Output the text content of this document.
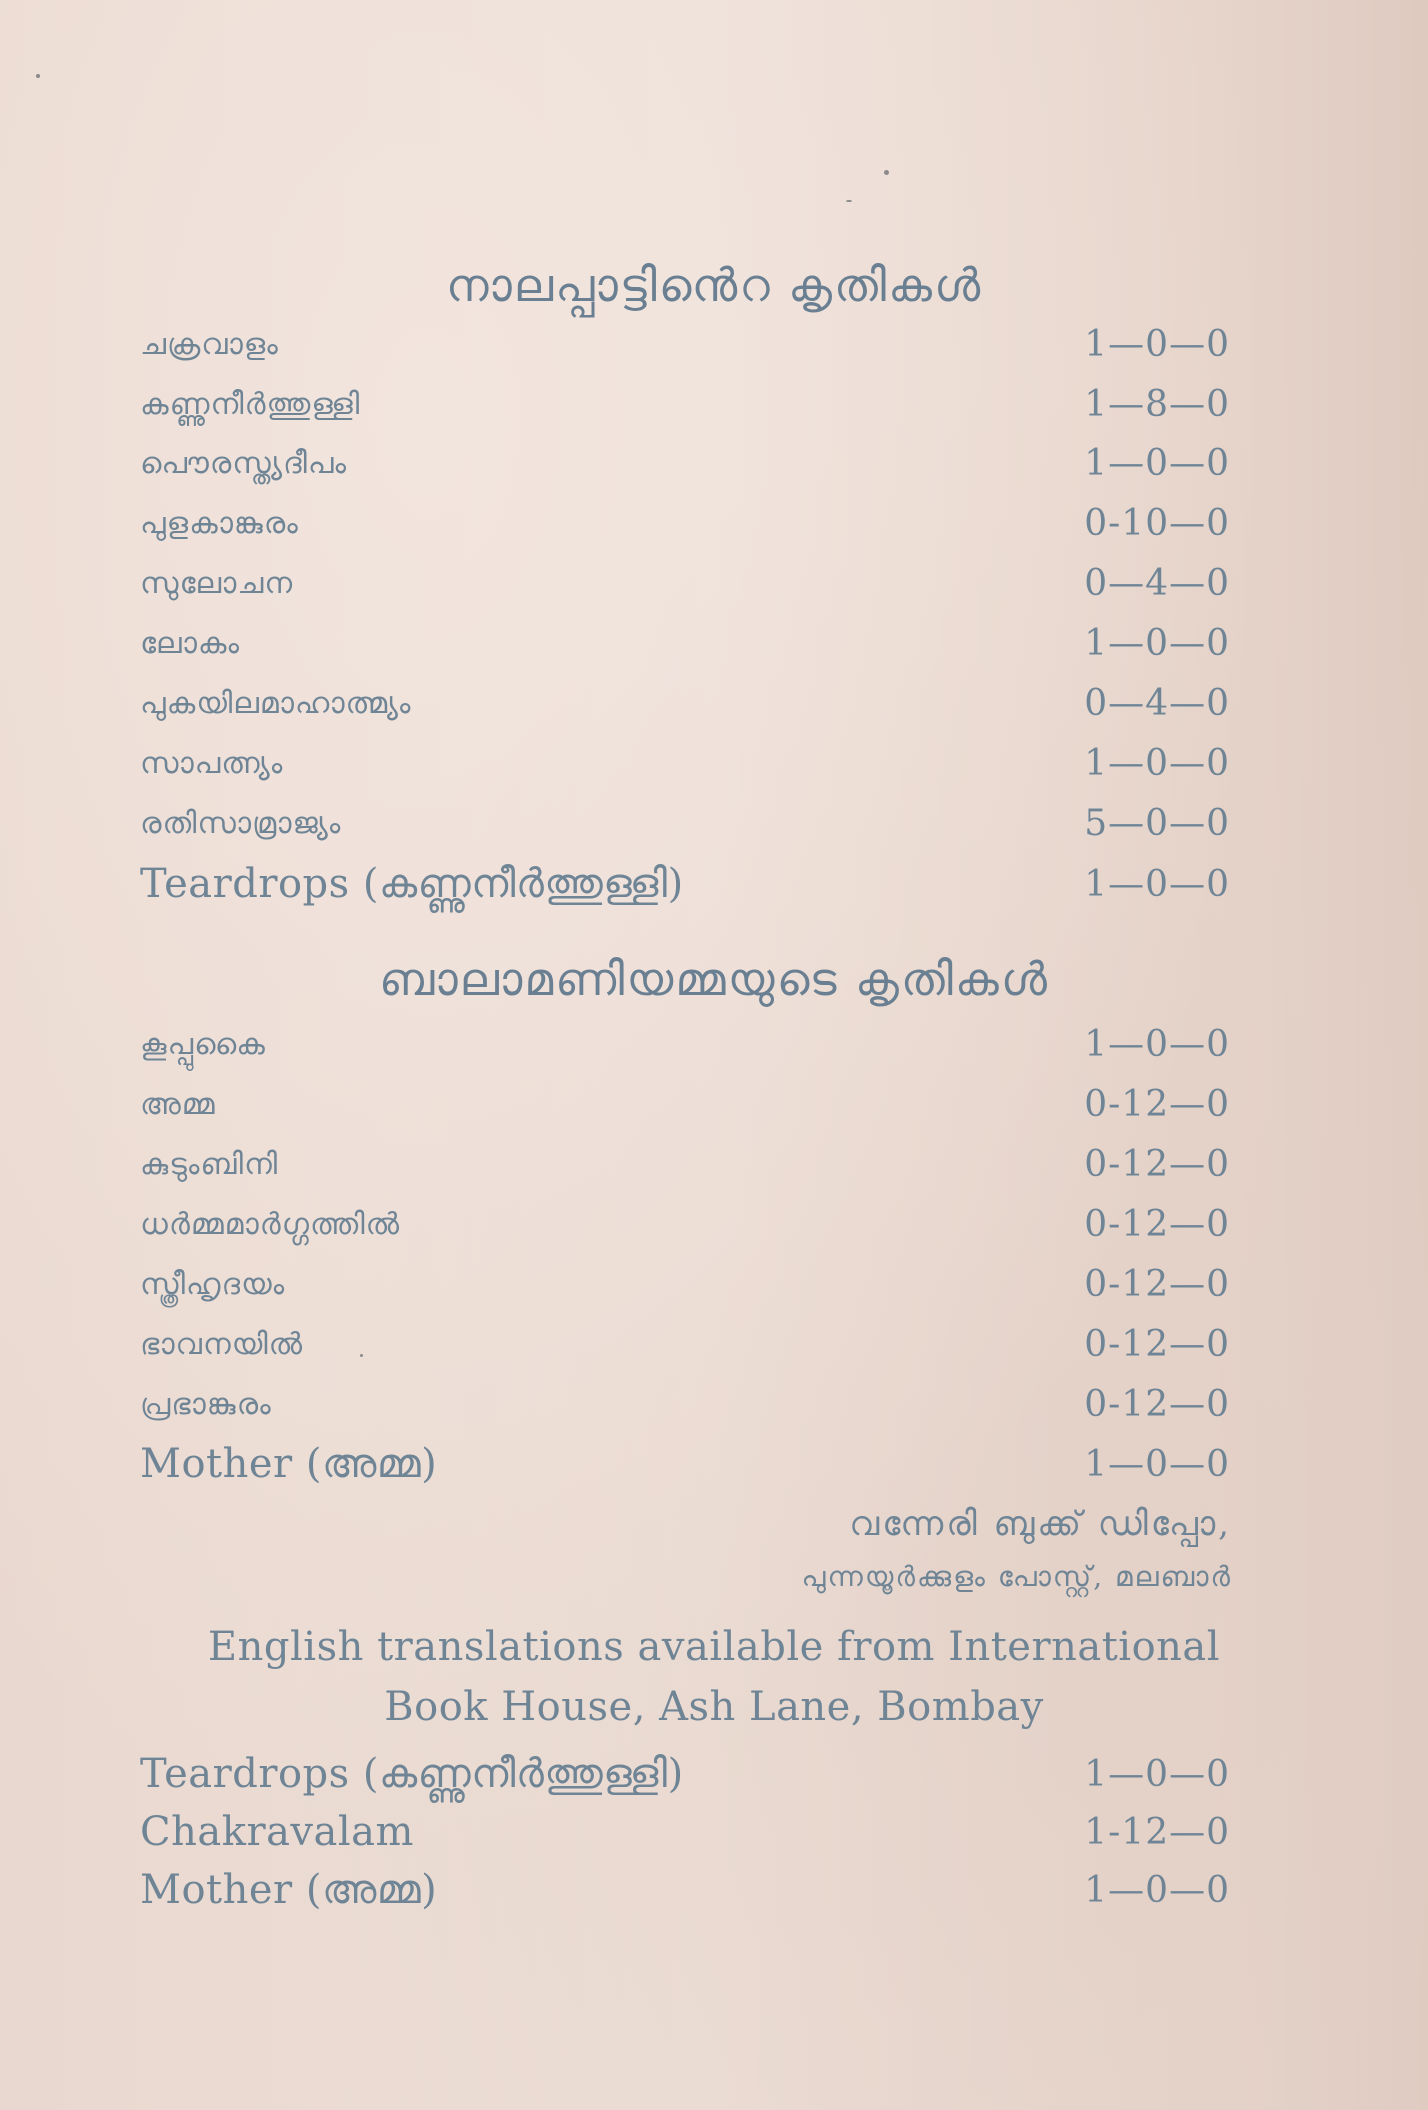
നാലപ്പാട്ടിൻെറ കൃതികൾ
ചക്രവാളം	1—0—0
കണ്ണുനീർത്തുള്ളി	1—8—0
പൌരസ്ത്യദീപം	1—0—0
പുളകാങ്കുരം	0-10—0
സുലോചന	0—4—0
ലോകം	1—0—0
പുകയിലമാഹാത്മ്യം	0—4—0
സാപത്ന്യം	1—0—0
രതിസാമ്രാജ്യം	5—0—0
Teardrops (കണ്ണുനീർത്തുള്ളി)	1—0—0
ബാലാമണിയമ്മയുടെ കൃതികൾ
കൂപ്പുകൈ	1—0—0
അമ്മ	0-12—0
കുടുംബിനി	0-12—0
ധർമ്മമാർഗ്ഗത്തിൽ	0-12—0
സ്ത്രീഹൃദയം	0-12—0
ഭാവനയിൽ	0-12—0
പ്രഭാങ്കുരം	0-12—0
Mother (അമ്മ)	1—0—0
വന്നേരി ബുക്ക് ഡിപ്പോ,
പുന്നയൂർക്കുളം പോസ്റ്റ്, മലബാർ
English translations available from International
Book House, Ash Lane, Bombay
Teardrops (കണ്ണുനീർത്തുള്ളി)	1—0—0
Chakravalam	1-12—0
Mother (അമ്മ)	1—0—0
